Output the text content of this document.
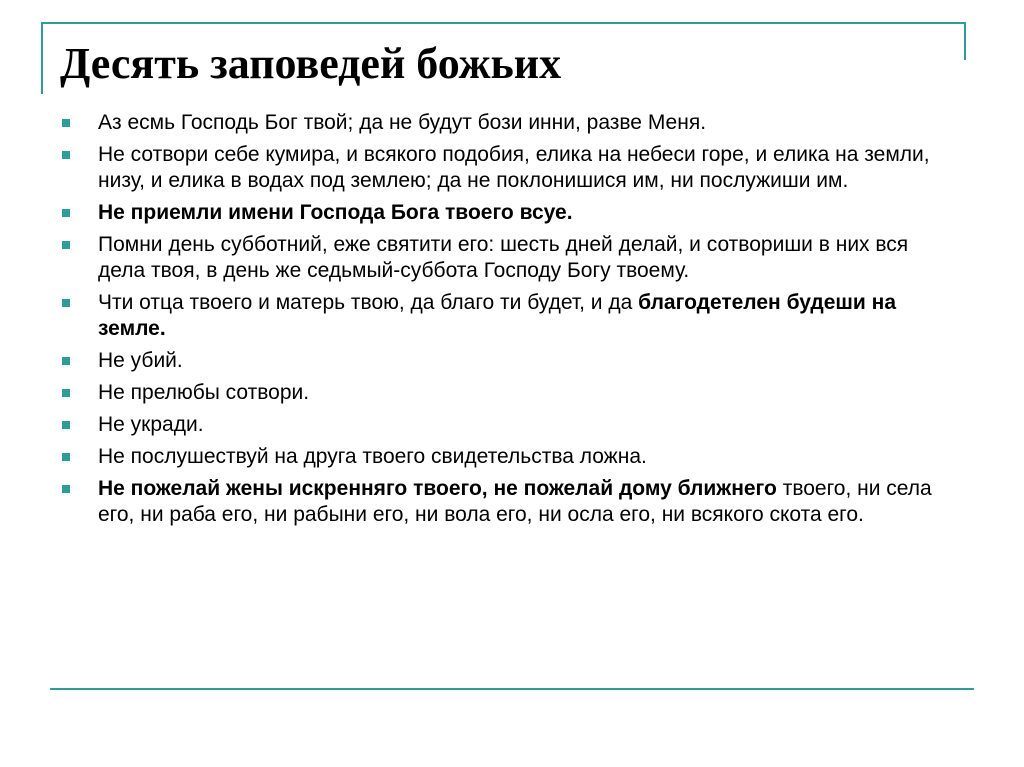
Десять заповедей божьих
Аз есмь Господь Бог твой; да не будут бози инни, разве Меня.
Не сотвори себе кумира, и всякого подобия, елика на небеси горе, и елика на земли, низу, и елика в водах под землею; да не поклонишися им, ни послужиши им.
Не приемли имени Господа Бога твоего всуе.
Помни день субботний, еже святити его: шесть дней делай, и сотвориши в них вся дела твоя, в день же седьмый-суббота Господу Богу твоему.
Чти отца твоего и матерь твою, да благо ти будет, и да благодетелен будеши на земле.
Не убий.
Не прелюбы сотвори.
Не укради.
Не послушествуй на друга твоего свидетельства ложна.
Не пожелай жены искренняго твоего, не пожелай дому ближнего твоего, ни села его, ни раба его, ни рабыни его, ни вола его, ни осла его, ни всякого скота его.
